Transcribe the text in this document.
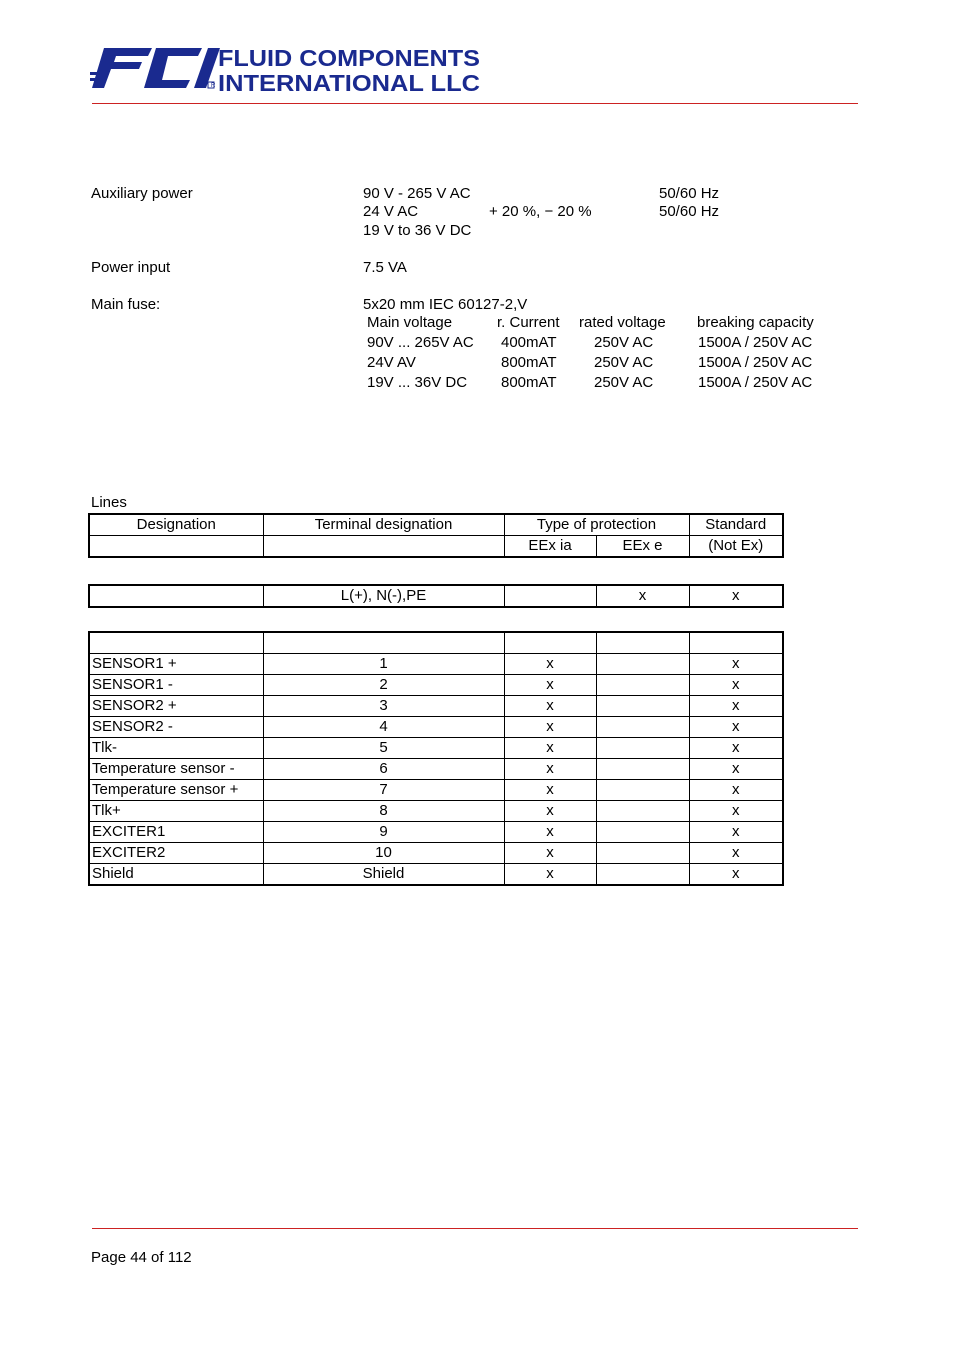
R
FLUID COMPONENTS
INTERNATIONAL LLC
Auxiliary power	90 V - 265 V AC	50/60 Hz
24 V AC	+ 20 %, − 20 %	50/60 Hz
19 V to 36 V DC
Power input	7.5 VA
Main fuse:	5x20 mm IEC 60127-2,V
Main voltage	r. Current	rated voltage	breaking capacity
90V ... 265V AC	400mAT	250V AC	1500A / 250V AC
24V AV	800mAT	250V AC	1500A / 250V AC
19V ... 36V DC	800mAT	250V AC	1500A / 250V AC
Lines
Designation	Terminal designation	Type of protection		Standard
		EEx ia	EEx e	(Not Ex)
	L(+), N(-),PE		x	x

SENSOR1 +	1	x		x
SENSOR1 -	2	x		x
SENSOR2 +	3	x		x
SENSOR2 -	4	x		x
Tlk-	5	x		x
Temperature sensor -	6	x		x
Temperature sensor +	7	x		x
Tlk+	8	x		x
EXCITER1	9	x		x
EXCITER2	10	x		x
Shield	Shield	x		x
Page 44 of 112
